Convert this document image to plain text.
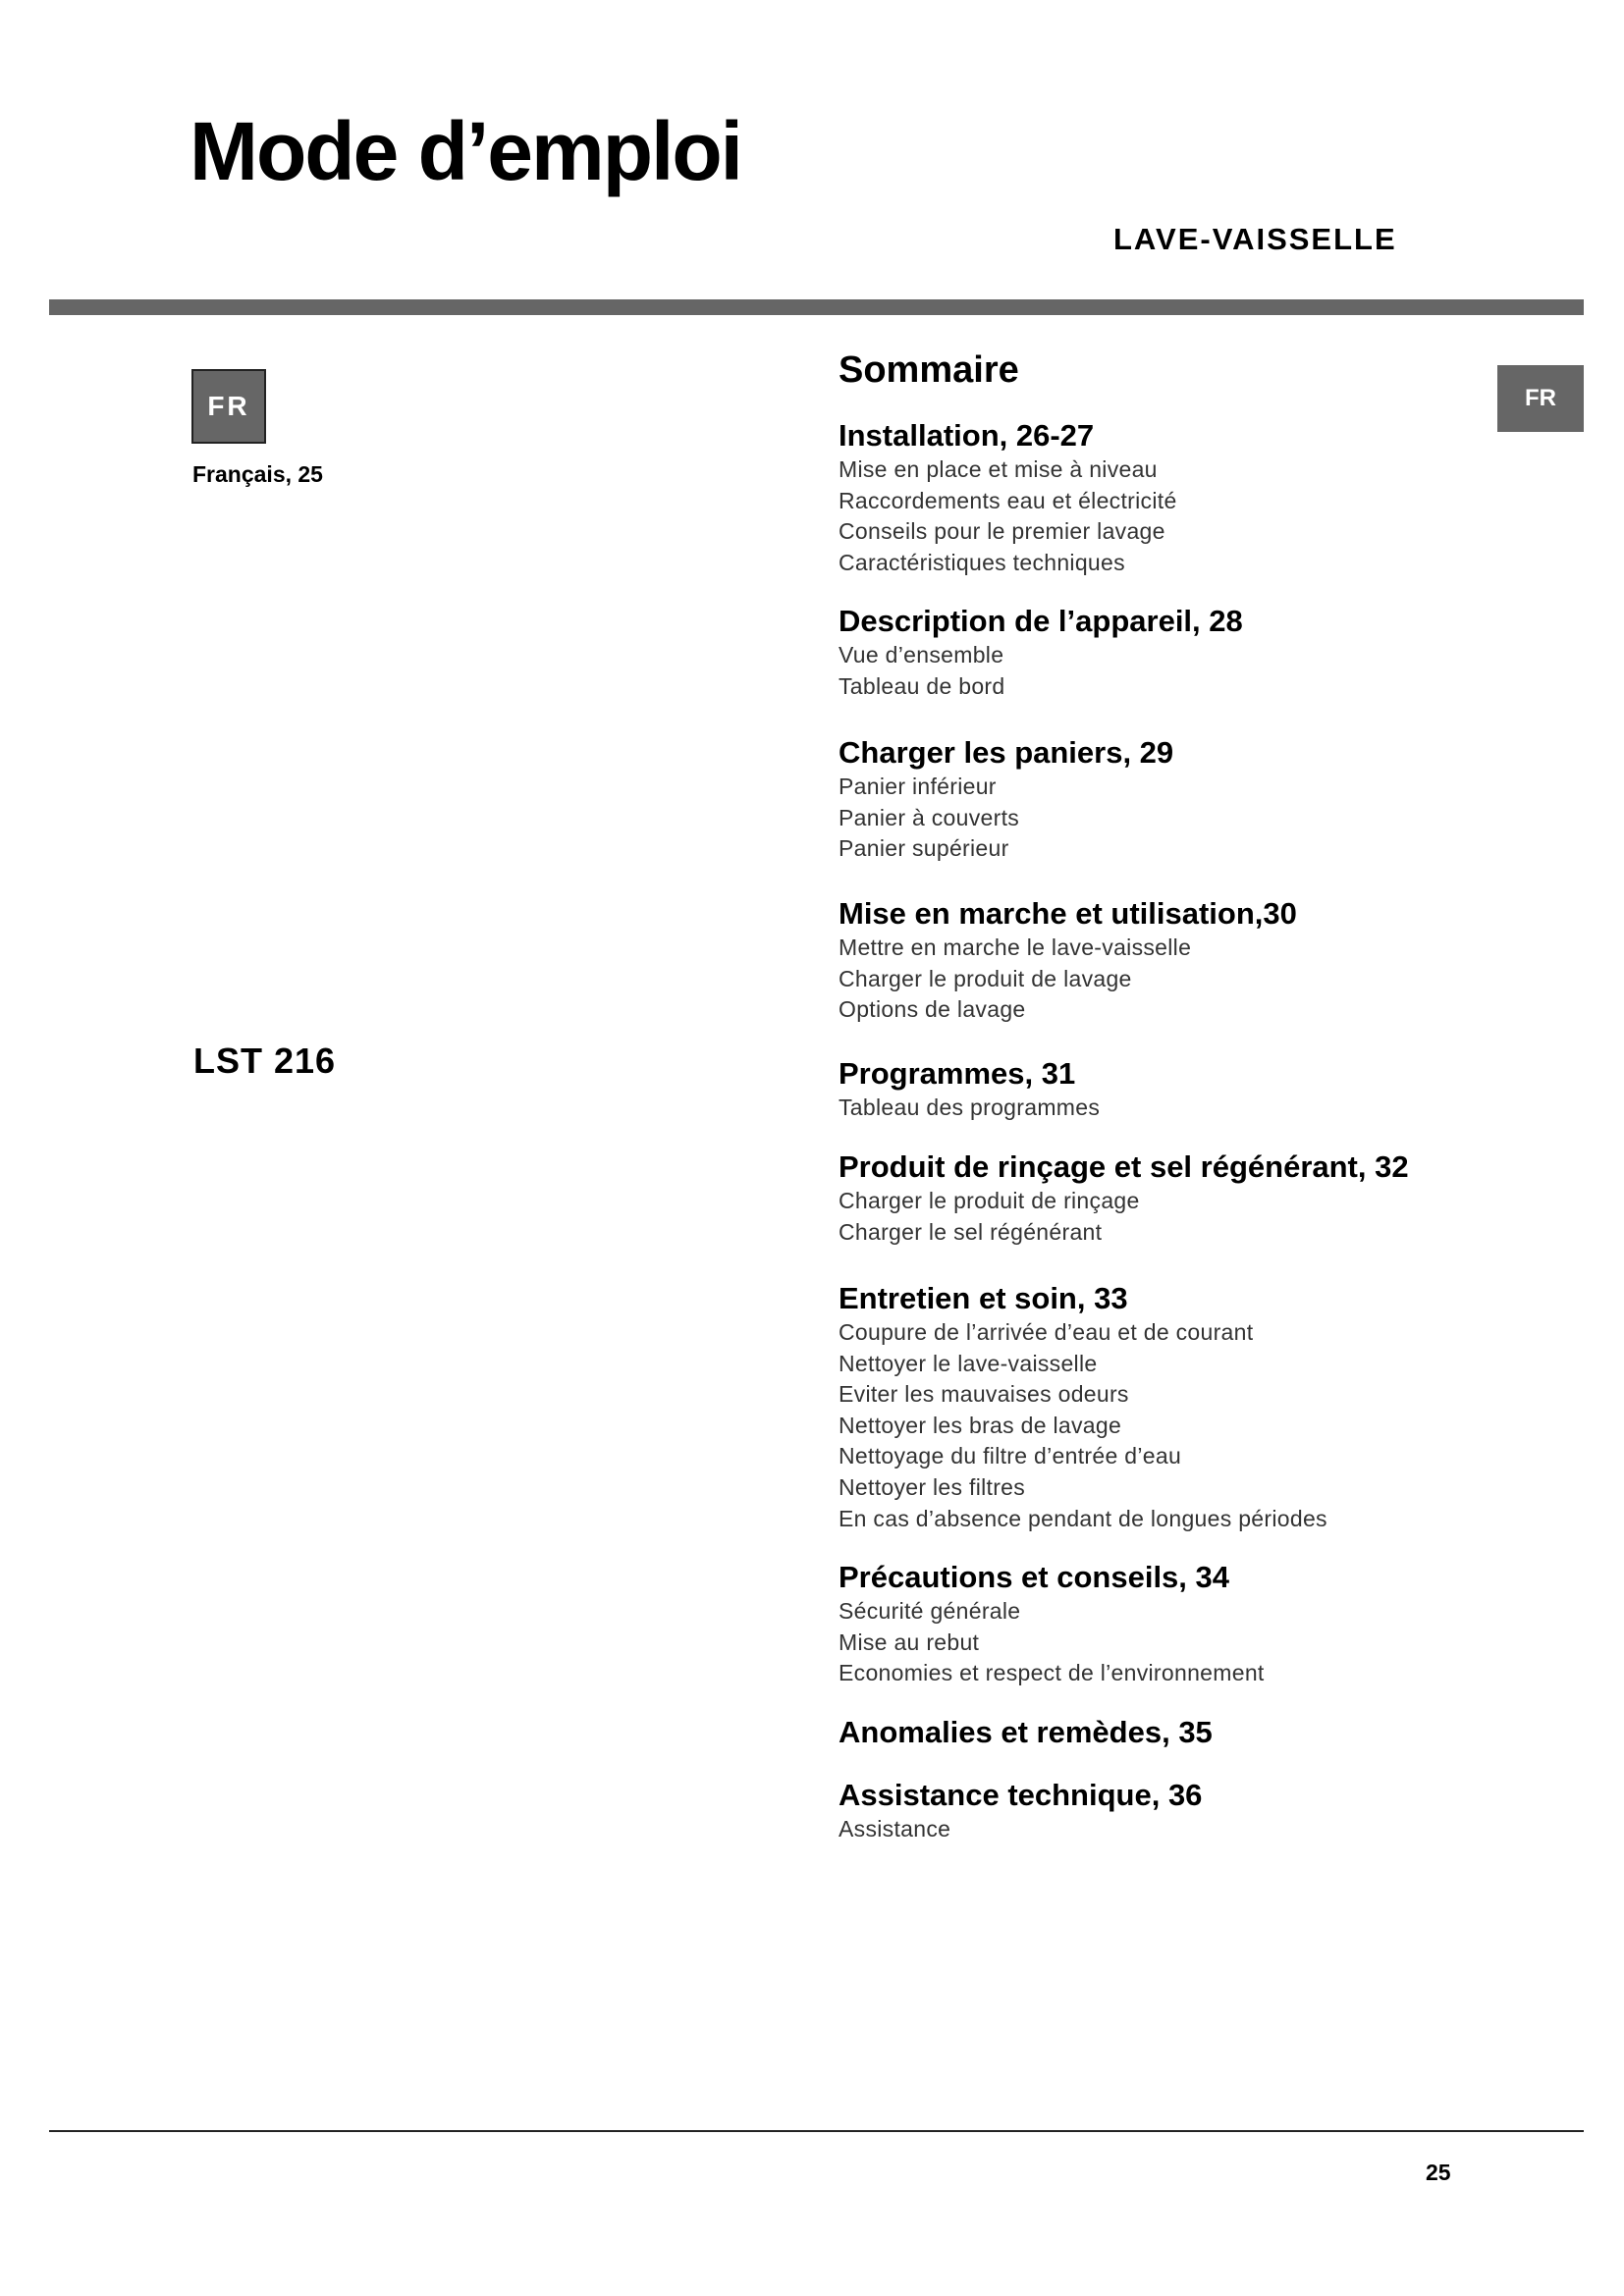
Mode d’emploi
LAVE-VAISSELLE
FR
Français, 25
LST 216
FR
Sommaire
Installation, 26-27
Mise en place et mise à niveau
Raccordements eau et électricité
Conseils pour le premier lavage
Caractéristiques techniques
Description de l’appareil, 28
Vue d’ensemble
Tableau de bord
Charger les paniers, 29
Panier inférieur
Panier à couverts
Panier supérieur
Mise en marche et utilisation,30
Mettre en marche le lave-vaisselle
Charger le produit de lavage
Options de lavage
Programmes, 31
Tableau des programmes
Produit de rinçage et sel régénérant, 32
Charger le produit de rinçage
Charger le sel régénérant
Entretien et soin, 33
Coupure de l’arrivée d’eau et de courant
Nettoyer le lave-vaisselle
Eviter les mauvaises odeurs
Nettoyer les bras de lavage
Nettoyage du filtre d’entrée d’eau
Nettoyer les filtres
En cas d’absence pendant de longues périodes
Précautions et conseils, 34
Sécurité générale
Mise au rebut
Economies et respect de l’environnement
Anomalies et remèdes, 35
Assistance technique, 36
Assistance
25
